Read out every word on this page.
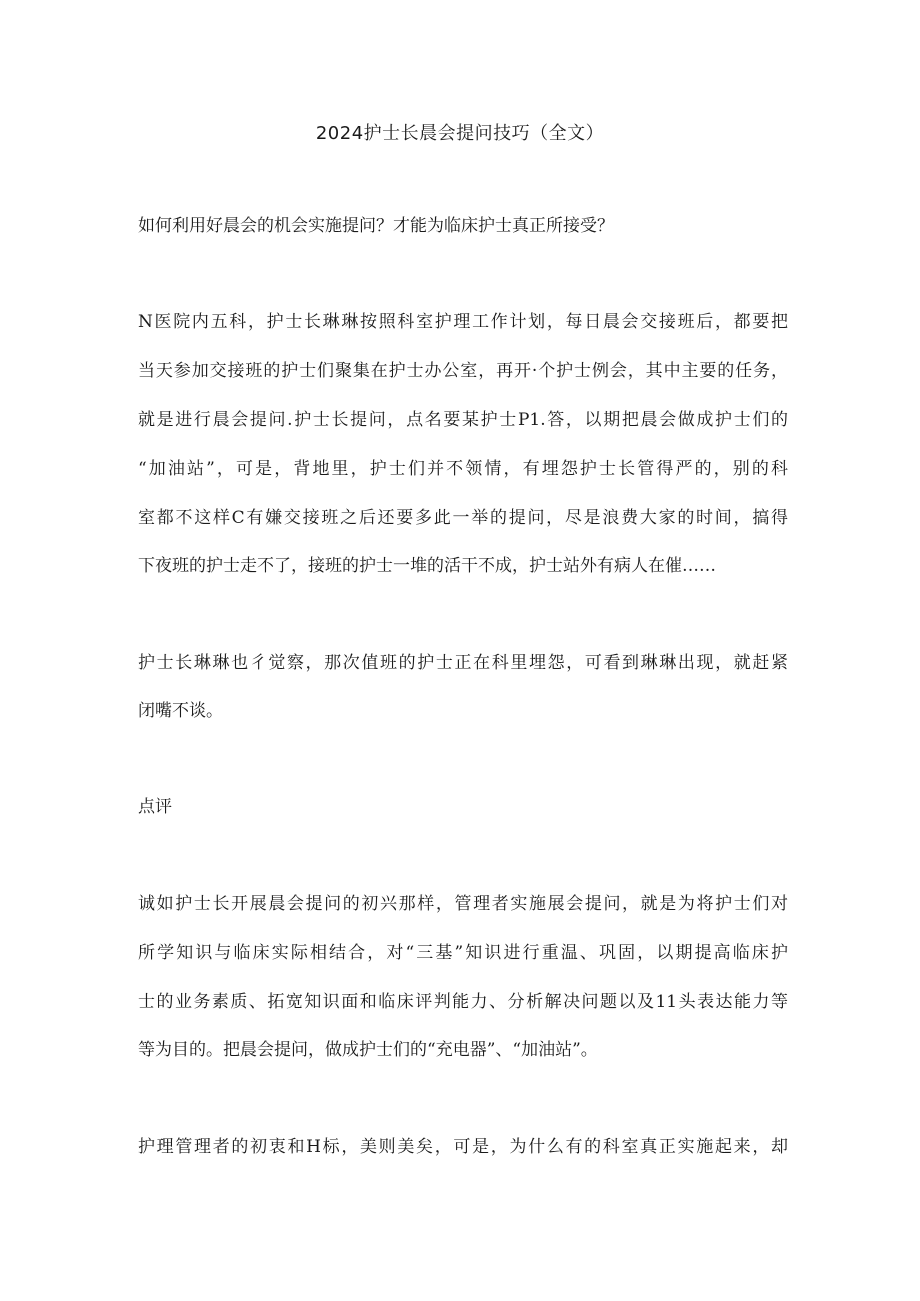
2024护士长晨会提问技巧（全文）
如何利用好晨会的机会实施提问？才能为临床护士真正所接受？
N医院内五科，护士长琳琳按照科室护理工作计划，每日晨会交接班后，都要把
当天参加交接班的护士们聚集在护士办公室，再开·个护士例会，其中主要的任务，
就是进行晨会提问.护士长提问，点名要某护士P1.答，以期把晨会做成护士们的
“加油站”，可是，背地里，护士们并不领情，有埋怨护士长管得严的，别的科
室都不这样C有嫌交接班之后还要多此一举的提问，尽是浪费大家的时间，搞得
下夜班的护士走不了，接班的护士一堆的活干不成，护士站外有病人在催……
护士长琳琳也彳觉察，那次值班的护士正在科里埋怨，可看到琳琳出现，就赶紧
闭嘴不谈。
点评
诚如护士长开展晨会提问的初兴那样，管理者实施展会提问，就是为将护士们对
所学知识与临床实际相结合，对“三基”知识进行重温、巩固，以期提高临床护
士的业务素质、拓宽知识面和临床评判能力、分析解决问题以及11头表达能力等
等为目的。把晨会提问，做成护士们的“充电器”、“加油站”。
护理管理者的初衷和H标，美则美矣，可是，为什么有的科室真正实施起来，却
